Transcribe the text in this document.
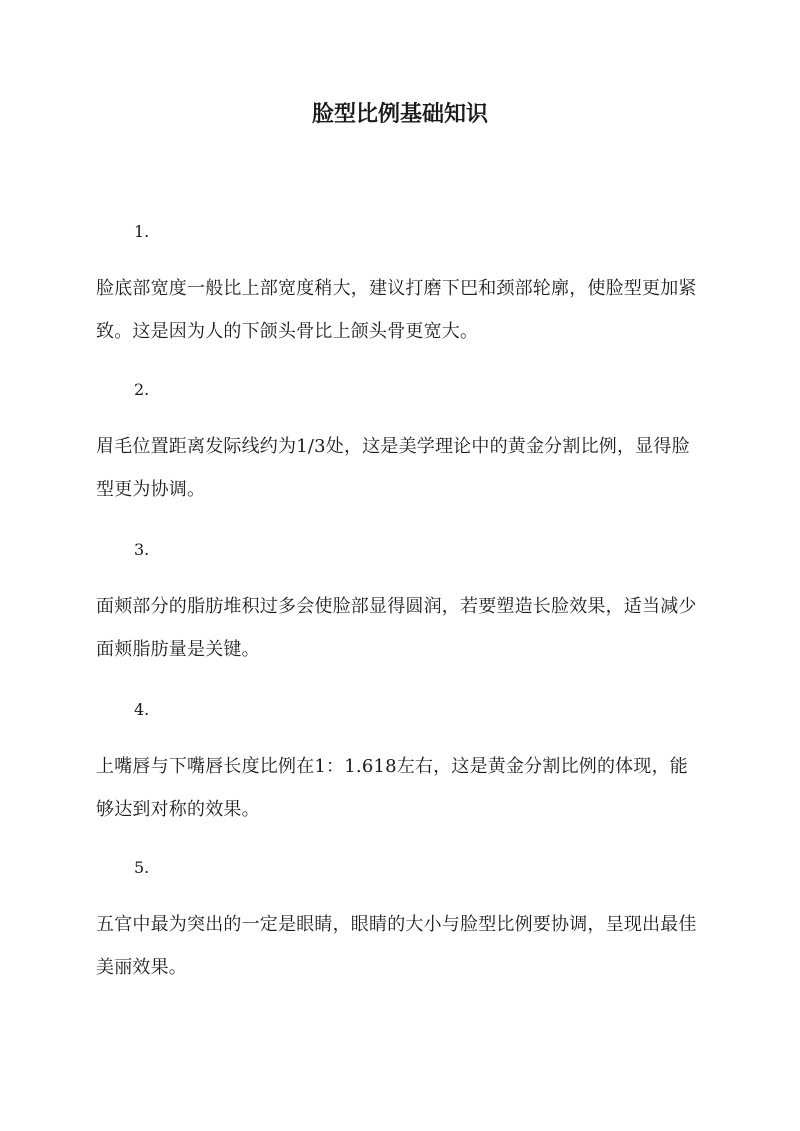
脸型比例基础知识

1.

脸底部宽度一般比上部宽度稍大，建议打磨下巴和颈部轮廓，使脸型更加紧致。这是因为人的下颌头骨比上颌头骨更宽大。

2.

眉毛位置距离发际线约为1/3处，这是美学理论中的黄金分割比例，显得脸型更为协调。

3.

面颊部分的脂肪堆积过多会使脸部显得圆润，若要塑造长脸效果，适当减少面颊脂肪量是关键。

4.

上嘴唇与下嘴唇长度比例在1：1.618左右，这是黄金分割比例的体现，能够达到对称的效果。

5.

五官中最为突出的一定是眼睛，眼睛的大小与脸型比例要协调，呈现出最佳美丽效果。
